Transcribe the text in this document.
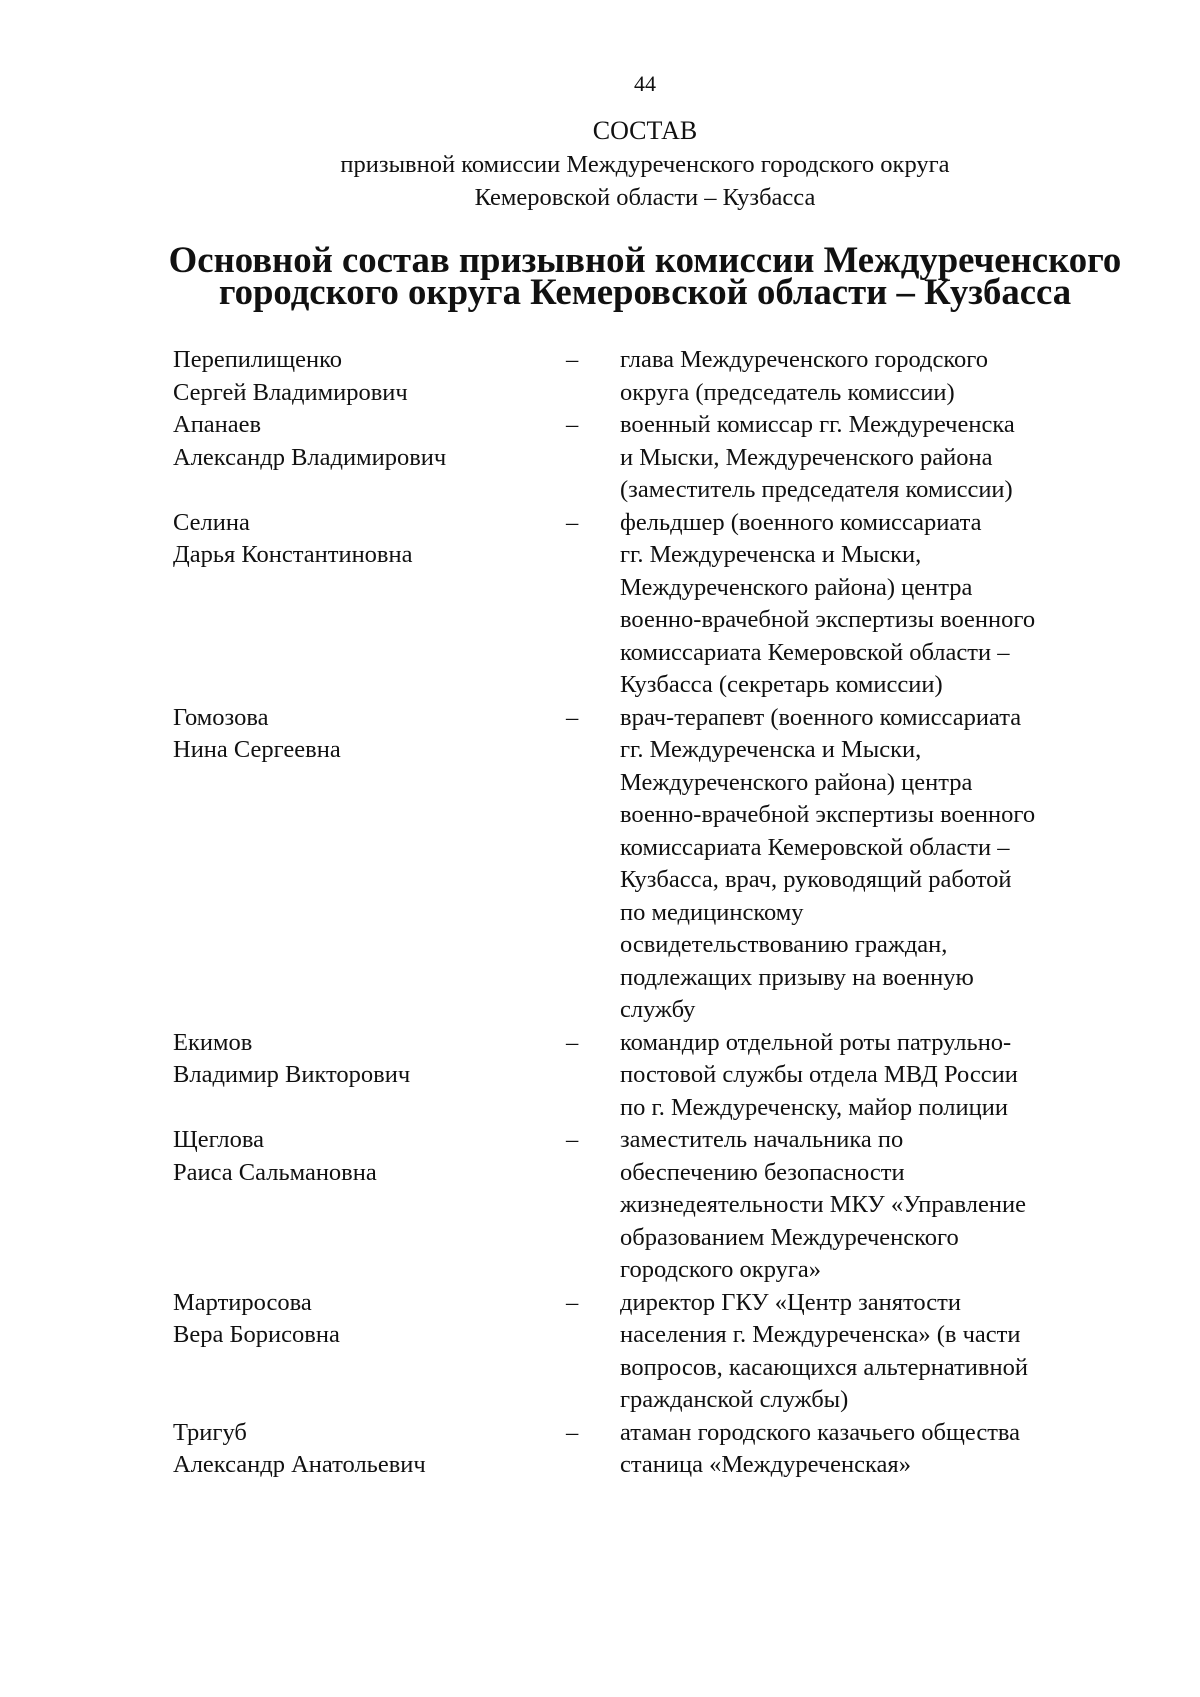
44
СОСТАВ
призывной комиссии Междуреченского городского округа
Кемеровской области – Кузбасса
Основной состав призывной комиссии Междуреченского
городского округа Кемеровской области – Кузбасса
Перепилищенко
Сергей Владимирович
–	глава Междуреченского городского
округа (председатель комиссии)
Апанаев
Александр Владимирович
–	военный комиссар гг. Междуреченска
и Мыски, Междуреченского района
(заместитель председателя комиссии)
Селина
Дарья Константиновна
–	фельдшер (военного комиссариата
гг. Междуреченска и Мыски,
Междуреченского района) центра
военно-врачебной экспертизы военного
комиссариата Кемеровской области –
Кузбасса (секретарь комиссии)
Гомозова
Нина Сергеевна
–	врач-терапевт (военного комиссариата
гг. Междуреченска и Мыски,
Междуреченского района) центра
военно-врачебной экспертизы военного
комиссариата Кемеровской области –
Кузбасса, врач, руководящий работой
по медицинскому
освидетельствованию граждан,
подлежащих призыву на военную
службу
Екимов
Владимир Викторович
–	командир отдельной роты патрульно-
постовой службы отдела МВД России
по г. Междуреченску, майор полиции
Щеглова
Раиса Сальмановна
–	заместитель начальника по
обеспечению безопасности
жизнедеятельности МКУ «Управление
образованием Междуреченского
городского округа»
Мартиросова
Вера Борисовна
–	директор ГКУ «Центр занятости
населения г. Междуреченска» (в части
вопросов, касающихся альтернативной
гражданской службы)
Тригуб
Александр Анатольевич
–	атаман городского казачьего общества
станица «Междуреченская»
